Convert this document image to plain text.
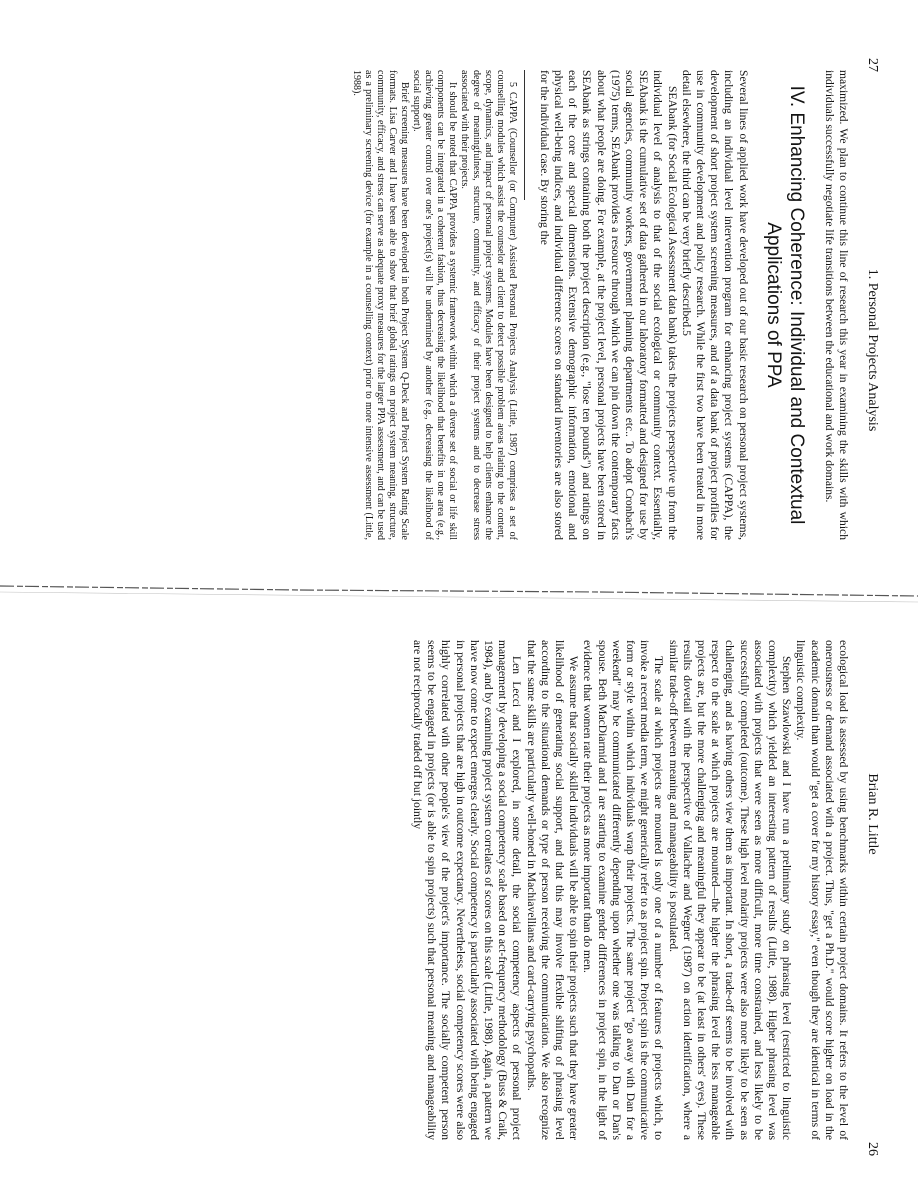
27
1. Personal Projects Analysis

maximized. We plan to continue this line of research this year in examining the skills with which individuals successfully negotiate life transitions between the educational and work domains.

IV. Enhancing Coherence: Individual and Contextual Applications of PPA

Several lines of applied work have developed out of our basic research on personal project systems, including an individual level intervention program for enhancing project systems (CAPPA), the development of short project system screening measures, and of a data bank of project profiles for use in community development and policy research. While the first two have been treated in more detail elsewhere, the third can be very briefly described.5

SEAbank (for Social Ecological Assessment data bank) takes the projects perspective up from the individual level of analysis to that of the social ecological or community context. Essentially, SEAbank is the cumulative set of data gathered in our laboratory formatted and designed for use by social agencies, community workers, government planning departments etc.. To adopt Cronbach's (1975) terms, SEAbank provides a resource through which we can pin down the contemporary facts about what people are doing. For example, at the project level, personal projects have been stored in SEAbank as strings containing both the project description (e.g., "lose ten pounds") and ratings on each of the core and special dimensions. Extensive demographic information, emotional and physical well-being indices, and individual difference scores on standard inventories are also stored for the individual case. By storing the

5 CAPPA (Counsellor (or Computer) Assisted Personal Projects Analysis (Little, 1987) comprises a set of counselling modules which assist the counselor and client to detect possible problem areas relating to the content, scope, dynamics, and impact of personal project systems. Modules have been designed to help clients enhance the degree of meaningfulness, structure, community, and efficacy of their project systems and to decrease stress associated with their projects.

It should be noted that CAPPA provides a systemic framework within which a diverse set of social or life skill components can be integrated in a coherent fashion, thus decreasing the likelihood that benefits in one area (e.g., achieving greater control over one's project(s) will be undermined by another (e.g., decreasing the likelihood of social support).

Brief screening measures have been developed in both Project System Q-Deck and Project System Rating Scale formats. Lisa Carver and I have been able to show that brief global ratings on project system meaning, structure, community, efficacy, and stress can serve as adequate proxy measures for the larger PPA assessment, and can be used as a preliminary screening device (for example in a counselling context) prior to more intensive assessment (Little, 1988).

Brian R. Little
26

ecological load is assessed by using benchmarks within certain project domains. It refers to the level of onerousness or demand associated with a project. Thus, "get a Ph.D." would score higher on load in the academic domain than would "get a cover for my history essay," even though they are identical in terms of linguistic complexity.

Stephen Szawlowski and I have run a preliminary study on phrasing level (restricted to linguistic complexity) which yielded an interesting pattern of results (Little, 1988). Higher phrasing level was associated with projects that were seen as more difficult, more time constrained, and less likely to be successfully completed (outcome). These high level molarity projects were also more likely to be seen as challenging, and as having others view them as important. In short, a trade-off seems to be involved with respect to the scale at which projects are mounted—the higher the phrasing level the less manageable projects are, but the more challenging and meaningful they appear to be (at least in others' eyes). These results dovetail with the perspective of Vallacher and Wegner (1987) on action identification, where a similar trade-off between meaning and manageability is postulated.

The scale at which projects are mounted is only one of a number of features of projects which, to invoke a recent media term, we might generically refer to as project spin. Project spin is the communicative form or style within which individuals wrap their projects. The same project "go away with Dan for a weekend" may be communicated differently depending upon whether one was talking to Dan or Dan's spouse. Beth MacDiarmid and I are starting to examine gender differences in project spin, in the light of evidence that women rate their projects as more important than do men.

We assume that socially skilled individuals will be able to spin their projects such that they have greater likelihood of generating social support, and that this may involve flexible shifting of phrasing level according to the situational demands or type of person receiving the communication. We also recognize that the same skills are particularly well-honed in Machiavellians and card-carrying psychopaths.

Len Lecci and I explored, in some detail, the social competency aspects of personal project management by developing a social competency scale based on act-frequency methodology (Buss & Craik, 1984), and by examining project system correlates of scores on this scale (Little, 1988). Again, a pattern we have now come to expect emerges clearly. Social competency is particularly associated with being engaged in personal projects that are high in outcome expectancy. Nevertheless, social competency scores were also highly correlated with other people's view of the project's importance. The socially competent person seems to be engaged in projects (or is able to spin projects) such that personal meaning and manageability are not reciprocally traded off but jointly
